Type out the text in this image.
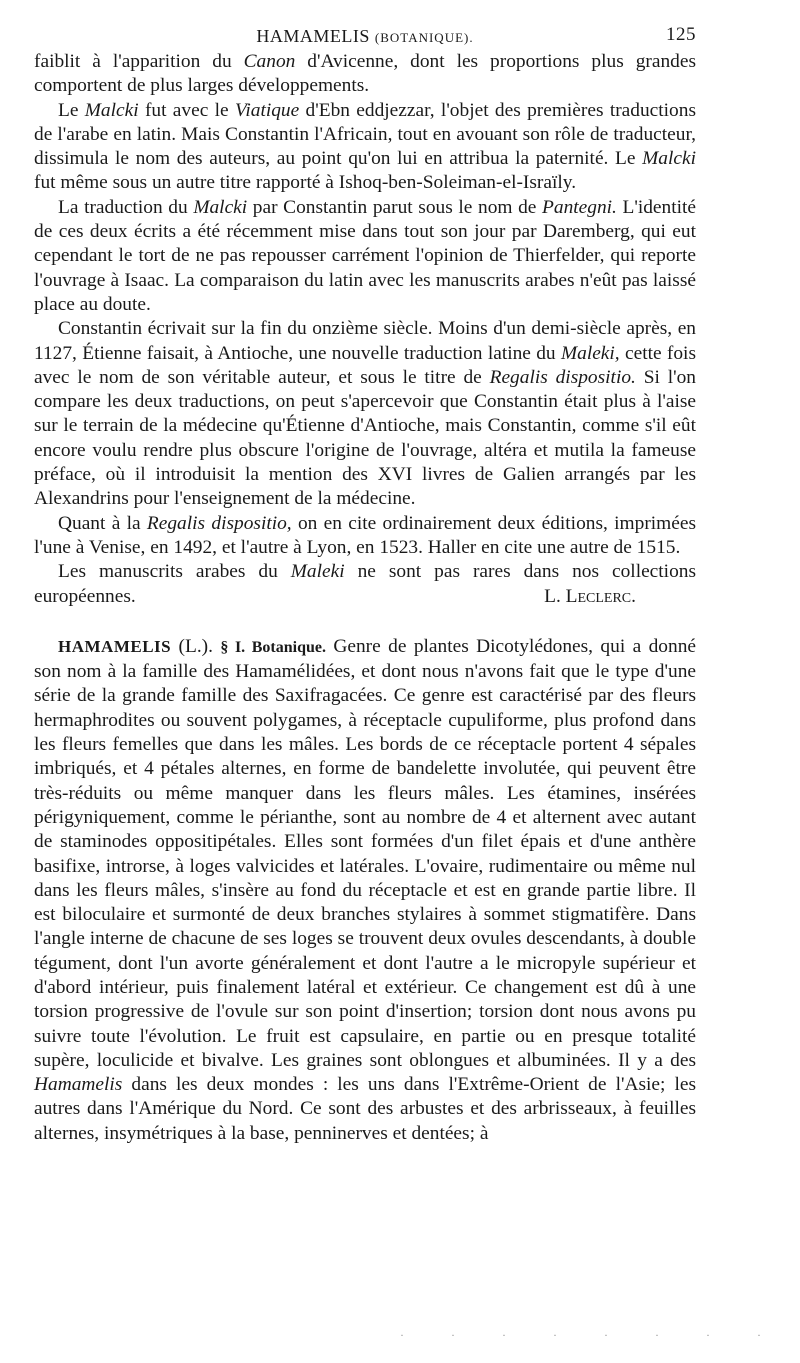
HAMAMELIS (BOTANIQUE).	125

faiblit à l'apparition du Canon d'Avicenne, dont les proportions plus grandes comportent de plus larges développements.

Le Malcki fut avec le Viatique d'Ebn eddjezzar, l'objet des premières traductions de l'arabe en latin. Mais Constantin l'Africain, tout en avouant son rôle de traducteur, dissimula le nom des auteurs, au point qu'on lui en attribua la paternité. Le Malcki fut même sous un autre titre rapporté à Ishoq-ben-Soleiman-el-Israïly.

La traduction du Malcki par Constantin parut sous le nom de Pantegni. L'identité de ces deux écrits a été récemment mise dans tout son jour par Daremberg, qui eut cependant le tort de ne pas repousser carrément l'opinion de Thierfelder, qui reporte l'ouvrage à Isaac. La comparaison du latin avec les manuscrits arabes n'eût pas laissé place au doute.

Constantin écrivait sur la fin du onzième siècle. Moins d'un demi-siècle après, en 1127, Étienne faisait, à Antioche, une nouvelle traduction latine du Maleki, cette fois avec le nom de son véritable auteur, et sous le titre de Regalis dispositio. Si l'on compare les deux traductions, on peut s'apercevoir que Constantin était plus à l'aise sur le terrain de la médecine qu'Étienne d'Antioche, mais Constantin, comme s'il eût encore voulu rendre plus obscure l'origine de l'ouvrage, altéra et mutila la fameuse préface, où il introduisit la mention des XVI livres de Galien arrangés par les Alexandrins pour l'enseignement de la médecine.

Quant à la Regalis dispositio, on en cite ordinairement deux éditions, imprimées l'une à Venise, en 1492, et l'autre à Lyon, en 1523. Haller en cite une autre de 1515.

Les manuscrits arabes du Maleki ne sont pas rares dans nos collections européennes.	L. Leclerc.

HAMAMELIS (L.). § I. Botanique. Genre de plantes Dicotylédones, qui a donné son nom à la famille des Hamamélidées, et dont nous n'avons fait que le type d'une série de la grande famille des Saxifragacées. Ce genre est caractérisé par des fleurs hermaphrodites ou souvent polygames, à réceptacle cupuliforme, plus profond dans les fleurs femelles que dans les mâles. Les bords de ce réceptacle portent 4 sépales imbriqués, et 4 pétales alternes, en forme de bandelette involutée, qui peuvent être très-réduits ou même manquer dans les fleurs mâles. Les étamines, insérées périgyniquement, comme le périanthe, sont au nombre de 4 et alternent avec autant de staminodes oppositipétales. Elles sont formées d'un filet épais et d'une anthère basifixe, introrse, à loges valvicides et latérales. L'ovaire, rudimentaire ou même nul dans les fleurs mâles, s'insère au fond du réceptacle et est en grande partie libre. Il est biloculaire et surmonté de deux branches stylaires à sommet stigmatifère. Dans l'angle interne de chacune de ses loges se trouvent deux ovules descendants, à double tégument, dont l'un avorte généralement et dont l'autre a le micropyle supérieur et d'abord intérieur, puis finalement latéral et extérieur. Ce changement est dû à une torsion progressive de l'ovule sur son point d'insertion; torsion dont nous avons pu suivre toute l'évolution. Le fruit est capsulaire, en partie ou en presque totalité supère, loculicide et bivalve. Les graines sont oblongues et albuminées. Il y a des Hamamelis dans les deux mondes : les uns dans l'Extrême-Orient de l'Asie; les autres dans l'Amérique du Nord. Ce sont des arbustes et des arbrisseaux, à feuilles alternes, insymétriques à la base, penninerves et dentées; à

· · · · · · · ·
